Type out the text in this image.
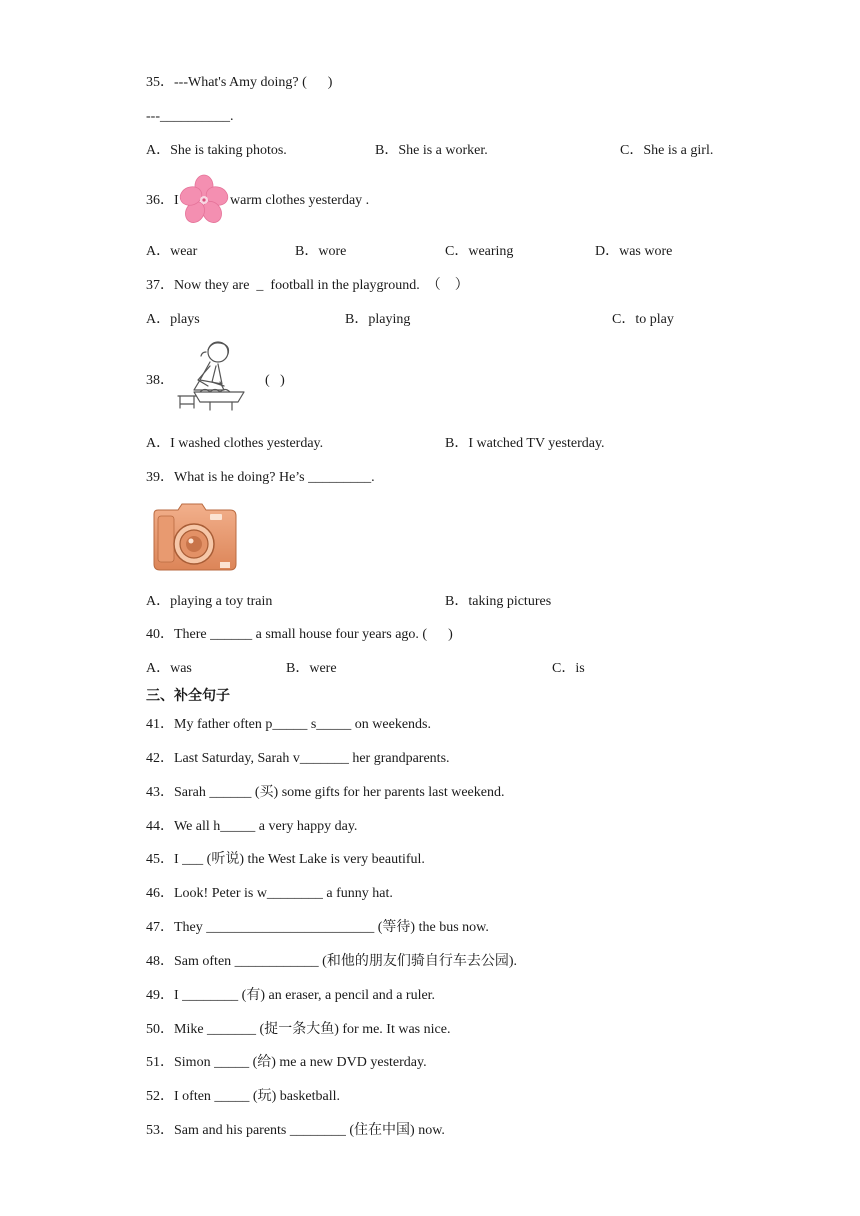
35．---What's Amy doing? (      )
---__________.
A．She is taking photos.	B．She is a worker.	C．She is a girl.
36．I	warm clothes yesterday .
A．wear	B．wore	C．wearing	D．was wore
37．Now they are  _  football in the playground.  （    ）
A．plays	B．playing	C．to play
38．	(   )
A．I washed clothes yesterday.	B．I watched TV yesterday.
39．What is he doing? He’s _________.
A．playing a toy train	B．taking pictures
40．There ______ a small house four years ago. (      )
A．was	B．were	C．is
三、补全句子
41．My father often p_____ s_____ on weekends.
42．Last Saturday, Sarah v_______ her grandparents.
43．Sarah ______ (买) some gifts for her parents last weekend.
44．We all h_____ a very happy day.
45．I ___ (听说) the West Lake is very beautiful.
46．Look! Peter is w________ a funny hat.
47．They ________________________ (等待) the bus now.
48．Sam often ____________ (和他的朋友们骑自行车去公园).
49．I ________ (有) an eraser, a pencil and a ruler.
50．Mike _______ (捉一条大鱼) for me. It was nice.
51．Simon _____ (给) me a new DVD yesterday.
52．I often _____ (玩) basketball.
53．Sam and his parents ________ (住在中国) now.
